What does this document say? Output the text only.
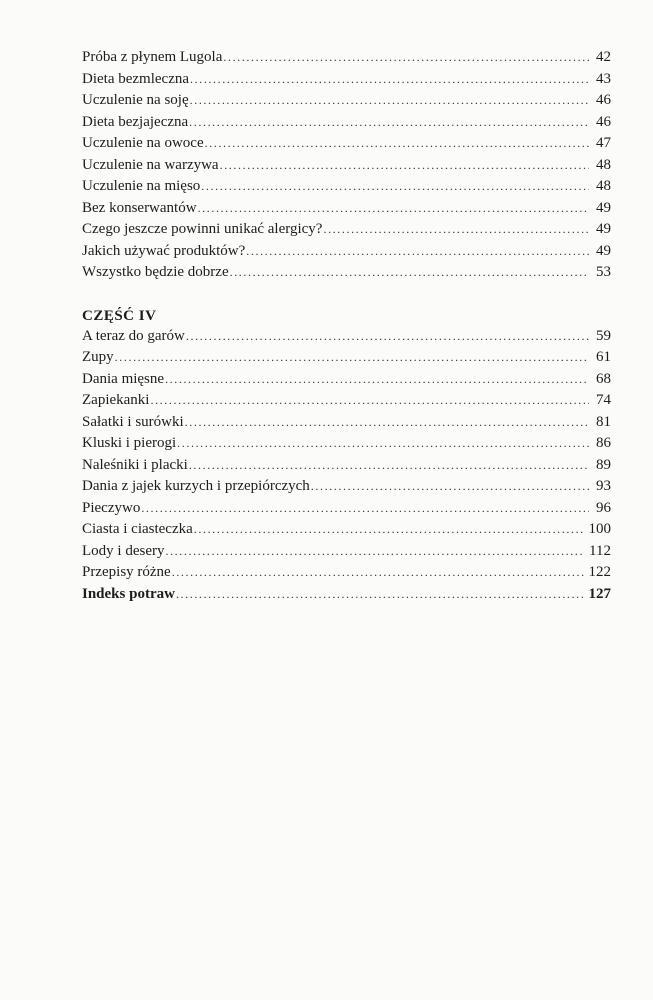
Próba z płynem Lugola .....	42
Dieta bezmleczna .....	43
Uczulenie na soję .....	46
Dieta bezjajeczna .....	46
Uczulenie na owoce .....	47
Uczulenie na warzywa .....	48
Uczulenie na mięso .....	48
Bez konserwantów .....	49
Czego jeszcze powinni unikać alergicy? .....	49
Jakich używać produktów? .....	49
Wszystko będzie dobrze .....	53
CZĘŚĆ IV
A teraz do garów .....	59
Zupy .....	61
Dania mięsne .....	68
Zapiekanki .....	74
Sałatki i surówki .....	81
Kluski i pierogi .....	86
Naleśniki i placki .....	89
Dania z jajek kurzych i przepiórczych .....	93
Pieczywo .....	96
Ciasta i ciasteczka .....	100
Lody i desery .....	112
Przepisy różne .....	122
Indeks potraw .....	127
